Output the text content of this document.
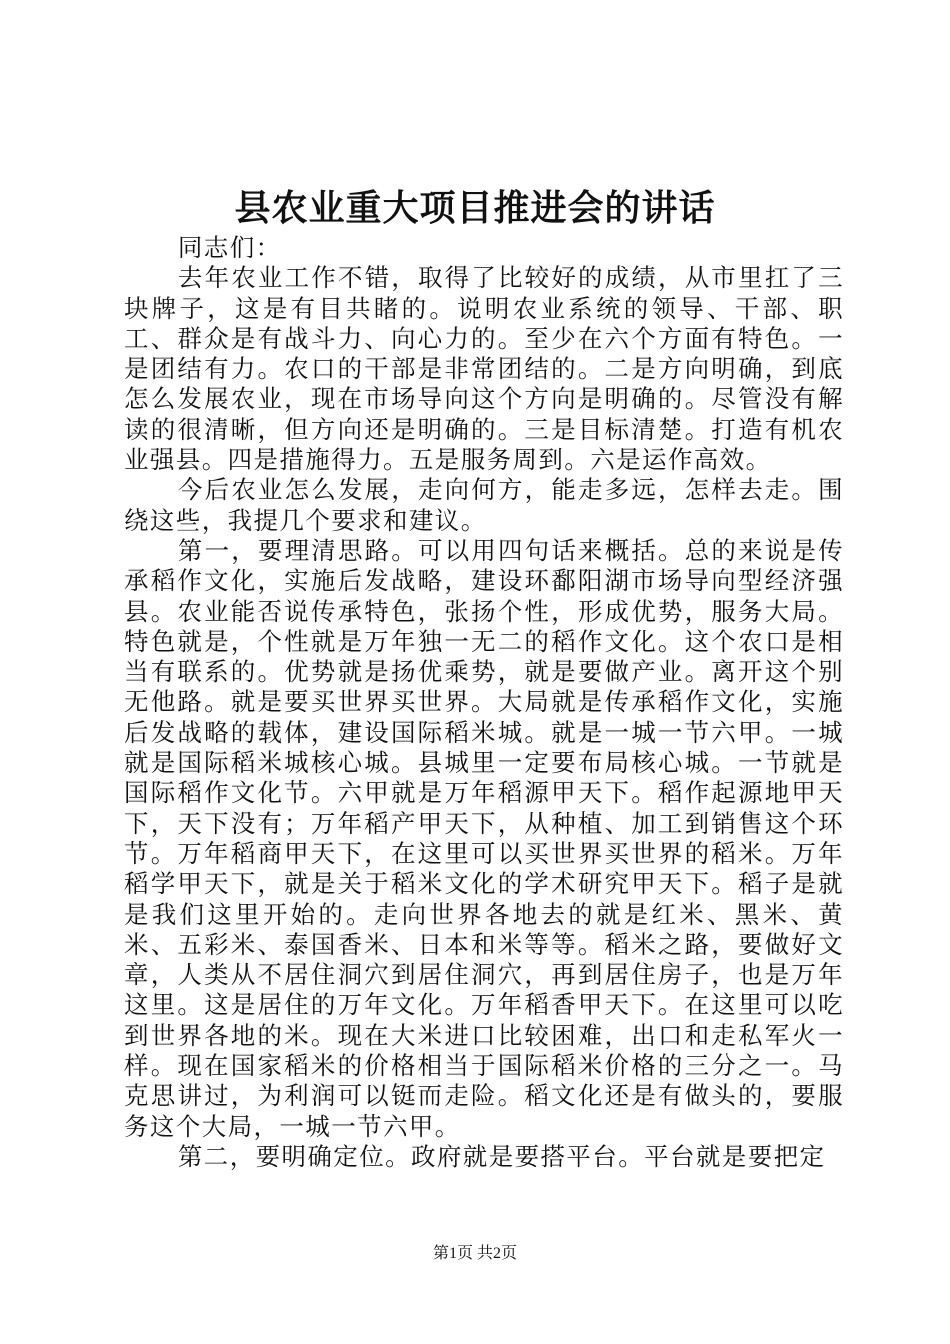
县农业重大项目推进会的讲话

同志们：

去年农业工作不错，取得了比较好的成绩，从市里扛了三块牌子，这是有目共睹的。说明农业系统的领导、干部、职工、群众是有战斗力、向心力的。至少在六个方面有特色。一是团结有力。农口的干部是非常团结的。二是方向明确，到底怎么发展农业，现在市场导向这个方向是明确的。尽管没有解读的很清晰，但方向还是明确的。三是目标清楚。打造有机农业强县。四是措施得力。五是服务周到。六是运作高效。

今后农业怎么发展，走向何方，能走多远，怎样去走。围绕这些，我提几个要求和建议。

第一，要理清思路。可以用四句话来概括。总的来说是传承稻作文化，实施后发战略，建设环鄱阳湖市场导向型经济强县。农业能否说传承特色，张扬个性，形成优势，服务大局。特色就是，个性就是万年独一无二的稻作文化。这个农口是相当有联系的。优势就是扬优乘势，就是要做产业。离开这个别无他路。就是要买世界买世界。大局就是传承稻作文化，实施后发战略的载体，建设国际稻米城。就是一城一节六甲。一城就是国际稻米城核心城。县城里一定要布局核心城。一节就是国际稻作文化节。六甲就是万年稻源甲天下。稻作起源地甲天下，天下没有；万年稻产甲天下，从种植、加工到销售这个环节。万年稻商甲天下，在这里可以买世界买世界的稻米。万年稻学甲天下，就是关于稻米文化的学术研究甲天下。稻子是就是我们这里开始的。走向世界各地去的就是红米、黑米、黄米、五彩米、泰国香米、日本和米等等。稻米之路，要做好文章，人类从不居住洞穴到居住洞穴，再到居住房子，也是万年这里。这是居住的万年文化。万年稻香甲天下。在这里可以吃到世界各地的米。现在大米进口比较困难，出口和走私军火一样。现在国家稻米的价格相当于国际稻米价格的三分之一。马克思讲过，为利润可以铤而走险。稻文化还是有做头的，要服务这个大局，一城一节六甲。

第二，要明确定位。政府就是要搭平台。平台就是要把定

第1页 共2页
